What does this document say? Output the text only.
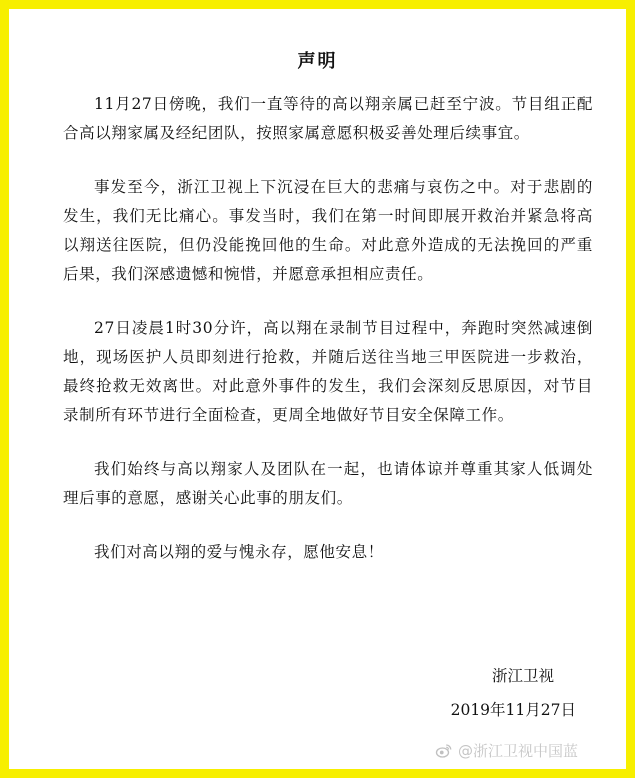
声明

11月27日傍晚，我们一直等待的高以翔亲属已赶至宁波。节目组正配合高以翔家属及经纪团队，按照家属意愿积极妥善处理后续事宜。

事发至今，浙江卫视上下沉浸在巨大的悲痛与哀伤之中。对于悲剧的发生，我们无比痛心。事发当时，我们在第一时间即展开救治并紧急将高以翔送往医院，但仍没能挽回他的生命。对此意外造成的无法挽回的严重后果，我们深感遗憾和惋惜，并愿意承担相应责任。

27日凌晨1时30分许，高以翔在录制节目过程中，奔跑时突然减速倒地，现场医护人员即刻进行抢救，并随后送往当地三甲医院进一步救治，最终抢救无效离世。对此意外事件的发生，我们会深刻反思原因，对节目录制所有环节进行全面检查，更周全地做好节目安全保障工作。

我们始终与高以翔家人及团队在一起，也请体谅并尊重其家人低调处理后事的意愿，感谢关心此事的朋友们。

我们对高以翔的爱与愧永存，愿他安息！

浙江卫视
2019年11月27日
@浙江卫视中国蓝
